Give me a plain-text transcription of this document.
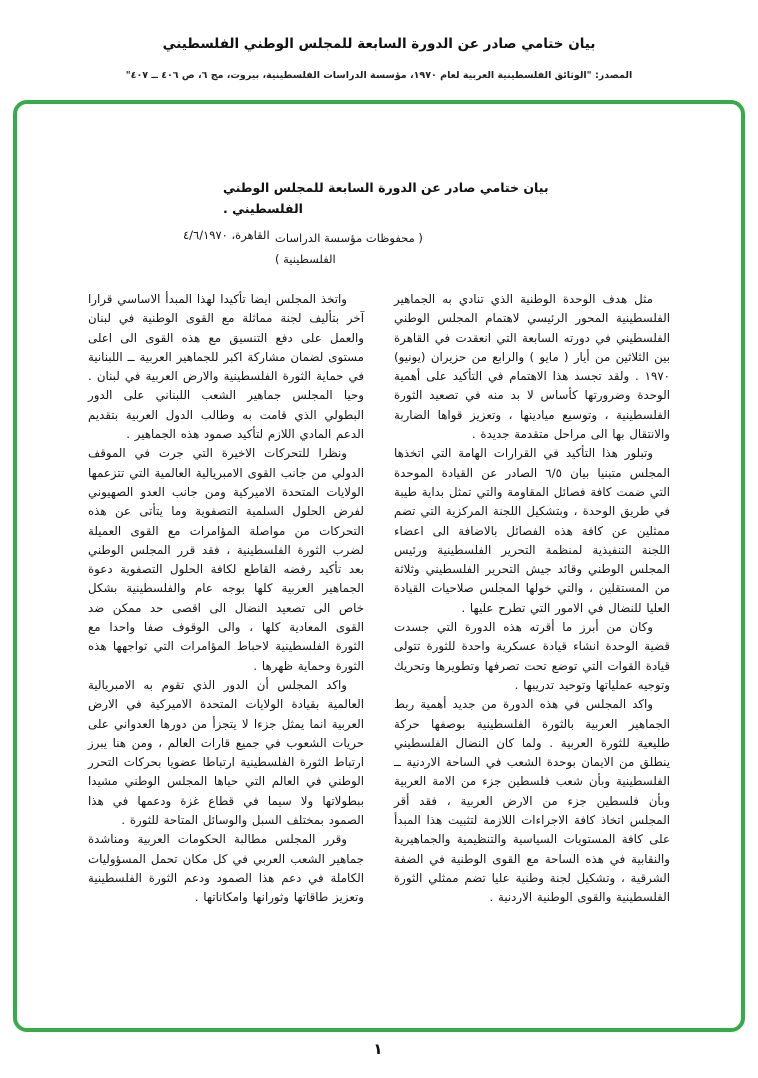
بيان ختامي صادر عن الدورة السابعة للمجلس الوطني الفلسطيني
المصدر: "الوثائق الفلسطينية العربية لعام ١٩٧٠، مؤسسة الدراسات الفلسطينية، بيروت، مج ٦، ص ٤٠٦ ــ ٤٠٧"
بيان ختامي صادر عن الدورة السابعة للمجلس الوطني
الفلسطيني .
القاهرة، ٤/٦/١٩٧٠ ( محفوظات مؤسسة الدراسات الفلسطينية )

مثل هدف الوحدة الوطنية الذي تنادي به الجماهير الفلسطينية المحور الرئيسي لاهتمام المجلس الوطني الفلسطيني في دورته السابعة التي انعقدت في القاهرة بين الثلاثين من أيار ( مايو ) والرابع من حزيران (يونيو) ١٩٧٠ . ولقد تجسد هذا الاهتمام في التأكيد على أهمية الوحدة وضرورتها كأساس لا بد منه في تصعيد الثورة الفلسطينية ، وتوسيع ميادينها ، وتعزيز قواها الضاربة والانتقال بها الى مراحل متقدمة جديدة .

وتبلور هذا التأكيد في القرارات الهامة التي اتخذها المجلس متبنيا بيان ٦/٥ الصادر عن القيادة الموحدة التي ضمت كافة فصائل المقاومة والتي تمثل بداية طيبة في طريق الوحدة ، وبتشكيل اللجنة المركزية التي تضم ممثلين عن كافة هذه الفصائل بالاضافة الى اعضاء اللجنة التنفيذية لمنظمة التحرير الفلسطينية ورئيس المجلس الوطني وقائد جيش التحرير الفلسطيني وثلاثة من المستقلين ، والتي خولها المجلس صلاحيات القيادة العليا للنضال في الامور التي تطرح عليها .

وكان من أبرز ما أقرته هذه الدورة التي جسدت قضية الوحدة انشاء قيادة عسكرية واحدة للثورة تتولى قيادة القوات التي توضع تحت تصرفها وتطويرها وتحريك وتوجيه عملياتها وتوحيد تدريبها .

واكد المجلس في هذه الدورة من جديد أهمية ربط الجماهير العربية بالثورة الفلسطينية بوصفها حركة طليعية للثورة العربية . ولما كان النضال الفلسطيني ينطلق من الايمان بوحدة الشعب في الساحة الاردنية ــ الفلسطينية وبأن شعب فلسطين جزء من الامة العربية وبأن فلسطين جزء من الارض العربية ، فقد أقر المجلس اتخاذ كافة الاجراءات اللازمة لتثبيت هذا المبدأ على كافة المستويات السياسية والتنظيمية والجماهيرية والنقابية في هذه الساحة مع القوى الوطنية في الضفة الشرقية ، وتشكيل لجنة وطنية عليا تضم ممثلي الثورة الفلسطينية والقوى الوطنية الاردنية .

واتخذ المجلس ايضا تأكيدا لهذا المبدأ الاساسي قرارا آخر بتأليف لجنة مماثلة مع القوى الوطنية في لبنان والعمل على دفع التنسيق مع هذه القوى الى اعلى مستوى لضمان مشاركة اكبر للجماهير العربية ــ اللبنانية في حماية الثورة الفلسطينية والارض العربية في لبنان . وحيا المجلس جماهير الشعب اللبناني على الدور البطولي الذي قامت به وطالب الدول العربية بتقديم الدعم المادي اللازم لتأكيد صمود هذه الجماهير .

ونظرا للتحركات الاخيرة التي جرت في الموقف الدولي من جانب القوى الامبريالية العالمية التي تتزعمها الولايات المتحدة الاميركية ومن جانب العدو الصهيوني لفرض الحلول السلمية التصفوية وما يتأتى عن هذه التحركات من مواصلة المؤامرات مع القوى العميلة لضرب الثورة الفلسطينية ، فقد قرر المجلس الوطني بعد تأكيد رفضه القاطع لكافة الحلول التصفوية دعوة الجماهير العربية كلها بوجه عام والفلسطينية بشكل خاص الى تصعيد النضال الى اقصى حد ممكن ضد القوى المعادية كلها ، والى الوقوف صفا واحدا مع الثورة الفلسطينية لاحباط المؤامرات التي تواجهها هذه الثورة وحماية ظهرها .

واكد المجلس أن الدور الذي تقوم به الامبريالية العالمية بقيادة الولايات المتحدة الاميركية في الارض العربية انما يمثل جزءا لا يتجزأ من دورها العدواني على حريات الشعوب في جميع قارات العالم ، ومن هنا يبرز ارتباط الثورة الفلسطينية ارتباطا عضويا بحركات التحرر الوطني في العالم التي حياها المجلس الوطني مشيدا ببطولاتها ولا سيما في قطاع غزة ودعمها في هذا الصمود بمختلف السبل والوسائل المتاحة للثورة .

وقرر المجلس مطالبة الحكومات العربية ومناشدة جماهير الشعب العربي في كل مكان تحمل المسؤوليات الكاملة في دعم هذا الصمود ودعم الثورة الفلسطينية وتعزيز طاقاتها وثورانها وامكاناتها .

١
